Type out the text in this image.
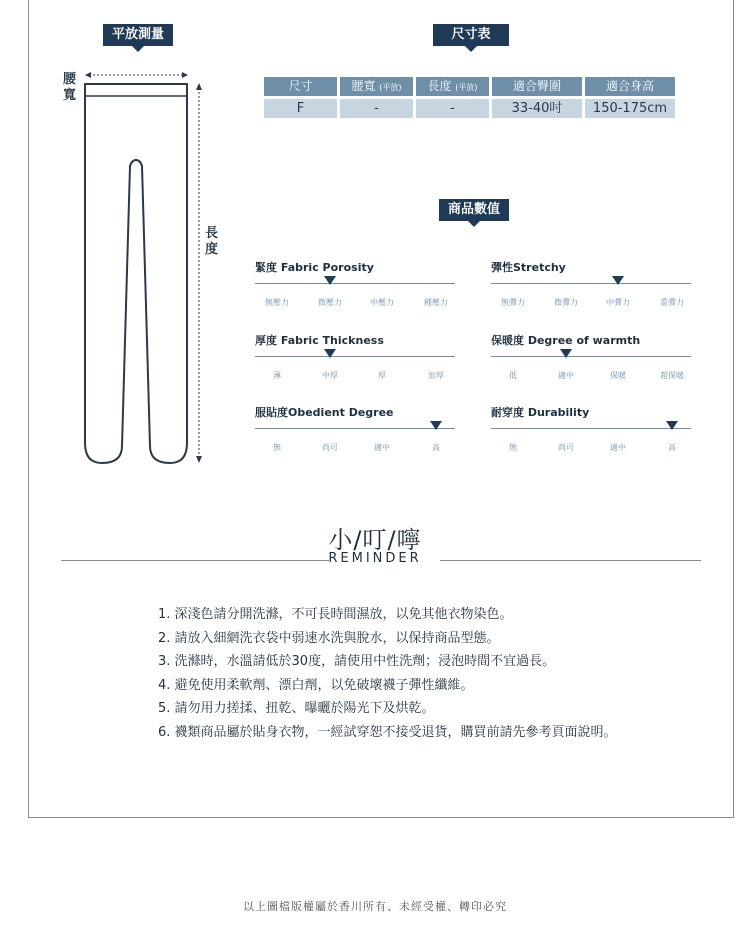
平放測量
腰寬
長度
尺寸表
尺寸	腰寬 (平放)	長度 (平放)	適合臀圍	適合身高
F	-	-	33-40吋	150-175cm
商品數值
緊度 Fabric Porosity
無壓力	微壓力	中壓力	種壓力
彈性Stretchy
無彈力	微彈力	中彈力	重彈力
厚度 Fabric Thickness
薄	中厚	厚	加厚
保暖度 Degree of warmth
低	適中	保暖	超保暖
服貼度Obedient Degree
無	尚可	適中	高
耐穿度 Durability
無	尚可	適中	高
小/叮/嚀
REMINDER
1. 深淺色請分開洗滌，不可長時間濕放，以免其他衣物染色。
2. 請放入細網洗衣袋中弱速水洗與脫水，以保持商品型態。
3. 洗滌時，水溫請低於30度，請使用中性洗劑；浸泡時間不宜過長。
4. 避免使用柔軟劑、漂白劑，以免破壞襪子彈性纖維。
5. 請勿用力搓揉、扭乾、曝曬於陽光下及烘乾。
6. 襪類商品屬於貼身衣物，一經試穿恕不接受退貨，購買前請先參考頁面說明。
以上圖檔版權屬於香川所有、未經受權、轉印必究
